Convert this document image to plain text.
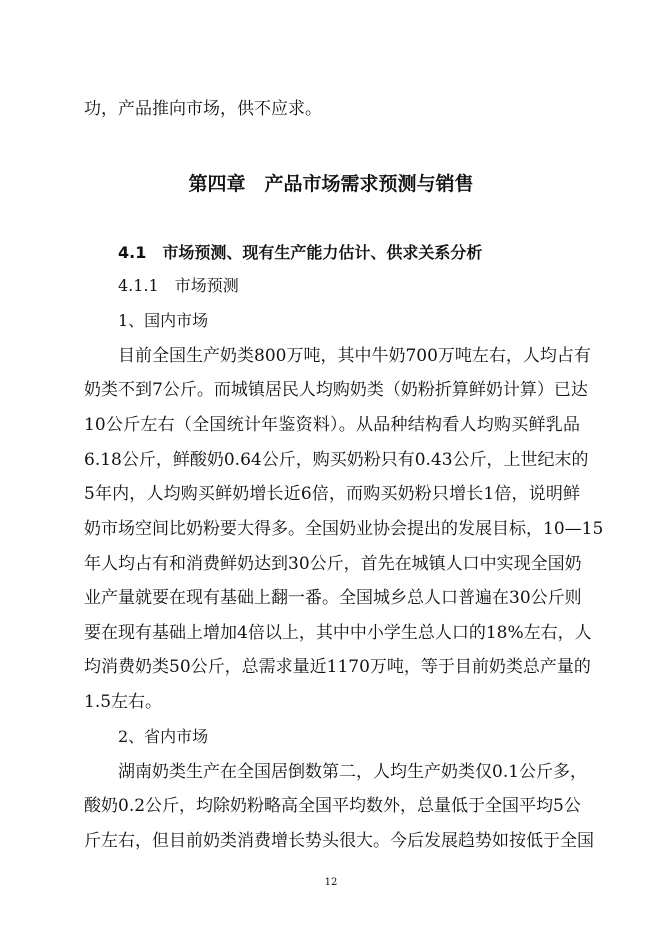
功，产品推向市场，供不应求。
第四章　产品市场需求预测与销售
4.1　市场预测、现有生产能力估计、供求关系分析
4.1.1　市场预测
1、国内市场
目前全国生产奶类800万吨，其中牛奶700万吨左右，人均占有
奶类不到7公斤。而城镇居民人均购奶类（奶粉折算鲜奶计算）已达
10公斤左右（全国统计年鉴资料）。从品种结构看人均购买鲜乳品
6.18公斤，鲜酸奶0.64公斤，购买奶粉只有0.43公斤，上世纪末的
5年内，人均购买鲜奶增长近6倍，而购买奶粉只增长1倍，说明鲜
奶市场空间比奶粉要大得多。全国奶业协会提出的发展目标，10—15
年人均占有和消费鲜奶达到30公斤，首先在城镇人口中实现全国奶
业产量就要在现有基础上翻一番。全国城乡总人口普遍在30公斤则
要在现有基础上增加4倍以上，其中中小学生总人口的18%左右，人
均消费奶类50公斤，总需求量近1170万吨，等于目前奶类总产量的
1.5左右。
2、省内市场
湖南奶类生产在全国居倒数第二，人均生产奶类仅0.1公斤多，
酸奶0.2公斤，均除奶粉略高全国平均数外，总量低于全国平均5公
斤左右，但目前奶类消费增长势头很大。今后发展趋势如按低于全国
12
